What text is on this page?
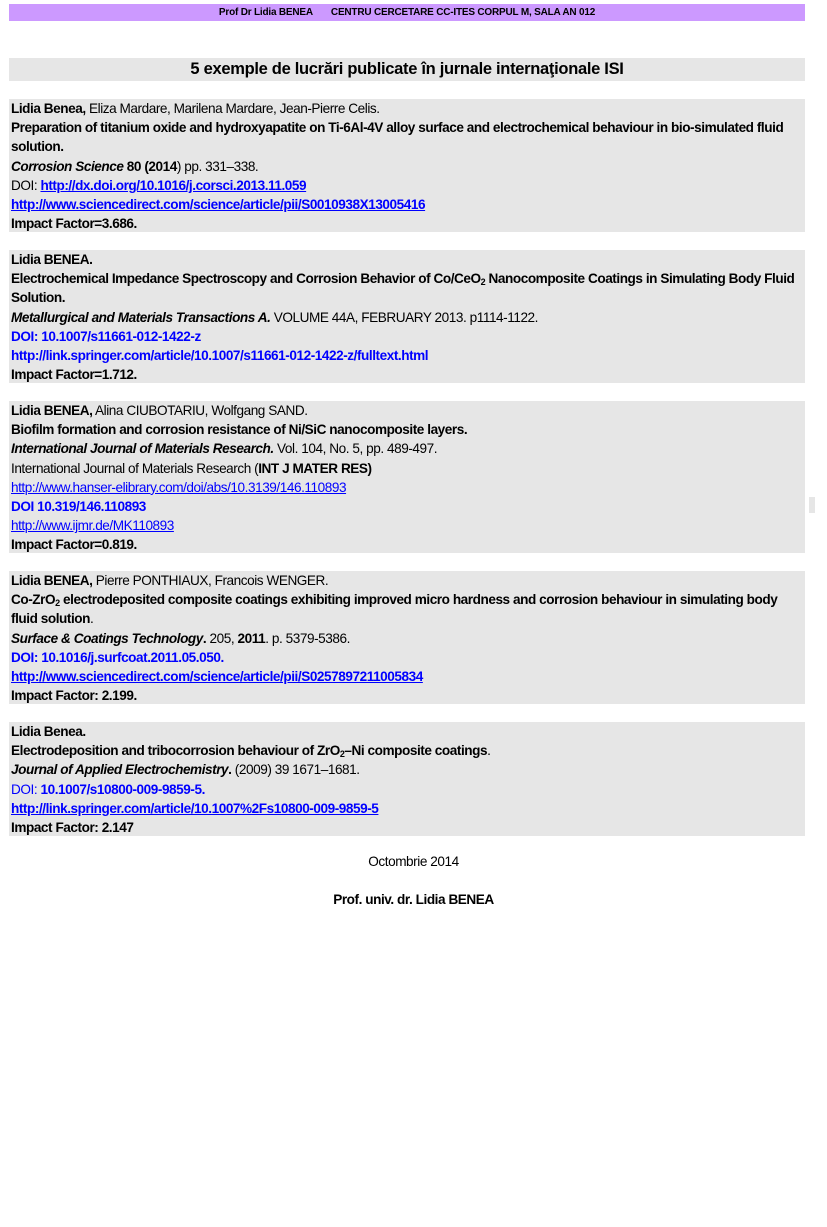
Prof Dr Lidia BENEA CENTRU CERCETARE CC-ITES CORPUL M, SALA AN 012
5 exemple de lucrări publicate în jurnale internaţionale ISI
Lidia Benea, Eliza Mardare, Marilena Mardare, Jean-Pierre Celis.
Preparation of titanium oxide and hydroxyapatite on Ti-6Al-4V alloy surface and electrochemical behaviour in bio-simulated fluid solution.
Corrosion Science 80 (2014) pp. 331–338.
DOI: http://dx.doi.org/10.1016/j.corsci.2013.11.059
http://www.sciencedirect.com/science/article/pii/S0010938X13005416
Impact Factor=3.686.
Lidia BENEA.
Electrochemical Impedance Spectroscopy and Corrosion Behavior of Co/CeO$_2$ Nanocomposite Coatings in Simulating Body Fluid Solution.
Metallurgical and Materials Transactions A. VOLUME 44A, FEBRUARY 2013. p1114-1122.
DOI: 10.1007/s11661-012-1422-z
http://link.springer.com/article/10.1007/s11661-012-1422-z/fulltext.html
Impact Factor=1.712.
Lidia BENEA, Alina CIUBOTARIU, Wolfgang SAND.
Biofilm formation and corrosion resistance of Ni/SiC nanocomposite layers.
International Journal of Materials Research. Vol. 104, No. 5, pp. 489-497.
International Journal of Materials Research (INT J MATER RES)
http://www.hanser-elibrary.com/doi/abs/10.3139/146.110893
DOI 10.319/146.110893
http://www.ijmr.de/MK110893
Impact Factor=0.819.
Lidia BENEA, Pierre PONTHIAUX, Francois WENGER.
Co-ZrO$_2$ electrodeposited composite coatings exhibiting improved micro hardness and corrosion behaviour in simulating body fluid solution.
Surface & Coatings Technology. 205, 2011. p. 5379-5386.
DOI: 10.1016/j.surfcoat.2011.05.050.
http://www.sciencedirect.com/science/article/pii/S0257897211005834
Impact Factor: 2.199.
Lidia Benea.
Electrodeposition and tribocorrosion behaviour of ZrO$_2$–Ni composite coatings.
Journal of Applied Electrochemistry. (2009) 39 1671–1681.
DOI: 10.1007/s10800-009-9859-5.
http://link.springer.com/article/10.1007%2Fs10800-009-9859-5
Impact Factor: 2.147
Octombrie 2014
Prof. univ. dr. Lidia BENEA
